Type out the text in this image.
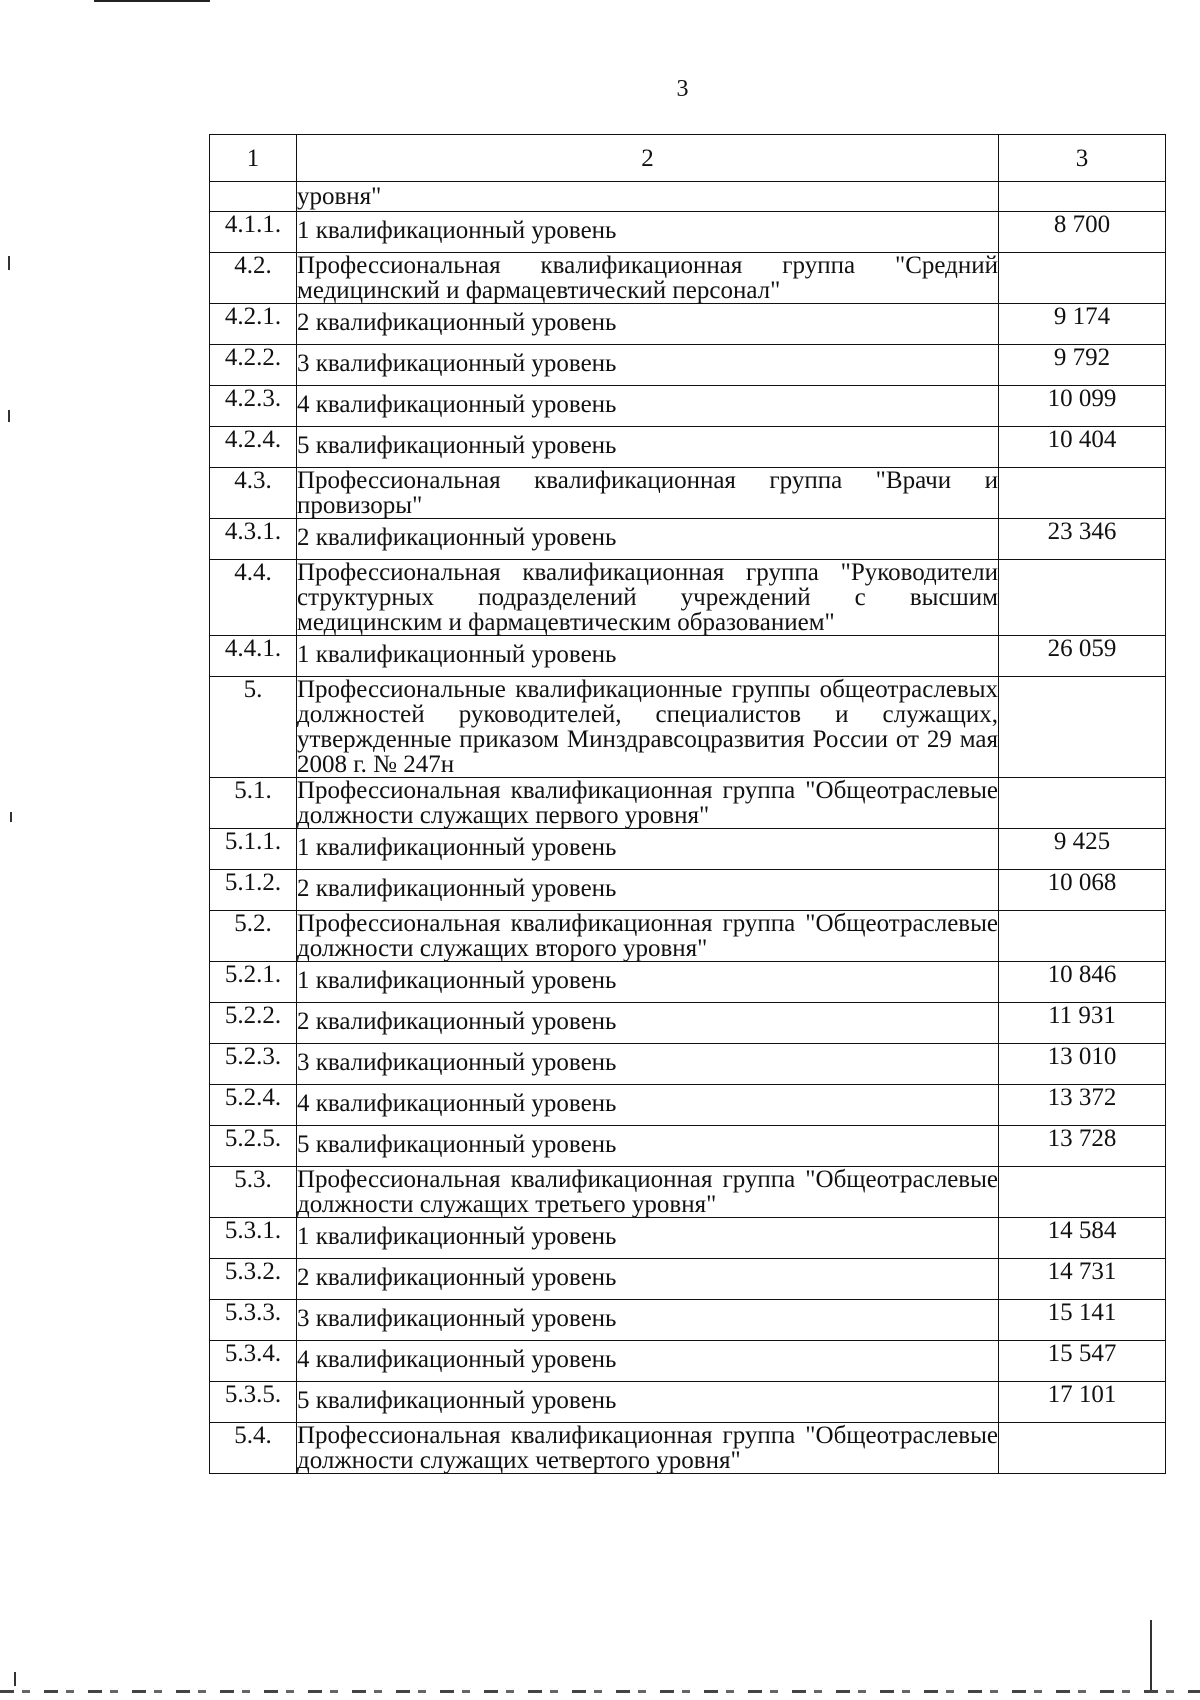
3
1	2	3
	уровня"	
4.1.1.	1 квалификационный уровень	8 700
4.2.	Профессиональная квалификационная группа "Средний медицинский и фармацевтический персонал"	
4.2.1.	2 квалификационный уровень	9 174
4.2.2.	3 квалификационный уровень	9 792
4.2.3.	4 квалификационный уровень	10 099
4.2.4.	5 квалификационный уровень	10 404
4.3.	Профессиональная квалификационная группа "Врачи и провизоры"	
4.3.1.	2 квалификационный уровень	23 346
4.4.	Профессиональная квалификационная группа "Руководители структурных подразделений учреждений с высшим медицинским и фармацевтическим образованием"	
4.4.1.	1 квалификационный уровень	26 059
5.	Профессиональные квалификационные группы общеотраслевых должностей руководителей, специалистов и служащих, утвержденные приказом Минздравсоцразвития России от 29 мая 2008 г. № 247н	
5.1.	Профессиональная квалификационная группа "Общеотраслевые должности служащих первого уровня"	
5.1.1.	1 квалификационный уровень	9 425
5.1.2.	2 квалификационный уровень	10 068
5.2.	Профессиональная квалификационная группа "Общеотраслевые должности служащих второго уровня"	
5.2.1.	1 квалификационный уровень	10 846
5.2.2.	2 квалификационный уровень	11 931
5.2.3.	3 квалификационный уровень	13 010
5.2.4.	4 квалификационный уровень	13 372
5.2.5.	5 квалификационный уровень	13 728
5.3.	Профессиональная квалификационная группа "Общеотраслевые должности служащих третьего уровня"	
5.3.1.	1 квалификационный уровень	14 584
5.3.2.	2 квалификационный уровень	14 731
5.3.3.	3 квалификационный уровень	15 141
5.3.4.	4 квалификационный уровень	15 547
5.3.5.	5 квалификационный уровень	17 101
5.4.	Профессиональная квалификационная группа "Общеотраслевые должности служащих четвертого уровня"	
